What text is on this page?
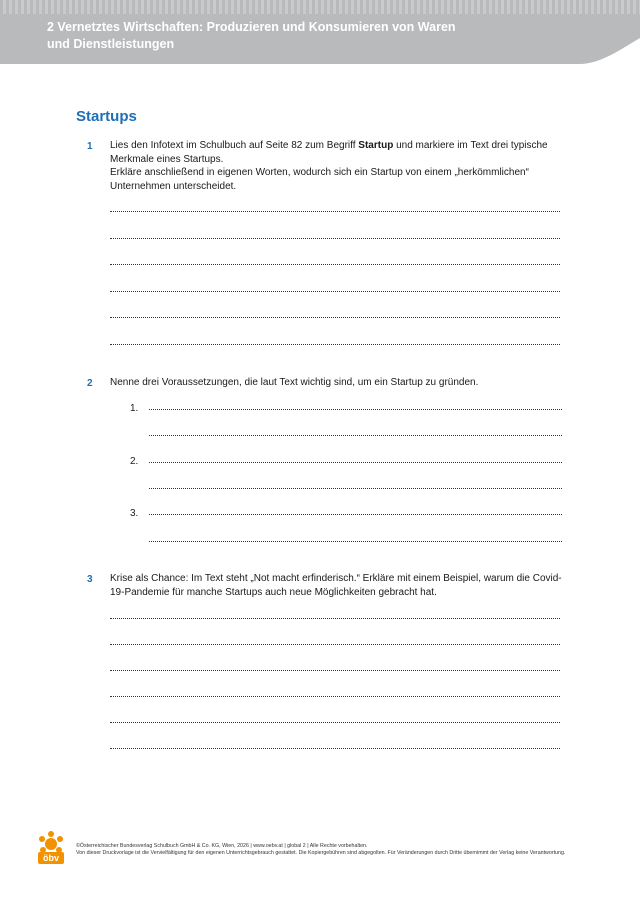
2 Vernetztes Wirtschaften: Produzieren und Konsumieren von Waren und Dienstleistungen
Startups
1 Lies den Infotext im Schulbuch auf Seite 82 zum Begriff Startup und markiere im Text drei typische Merkmale eines Startups.
Erkläre anschließend in eigenen Worten, wodurch sich ein Startup von einem „herkömmlichen“ Unternehmen unterscheidet.
2 Nenne drei Voraussetzungen, die laut Text wichtig sind, um ein Startup zu gründen.
1.
2.
3.
3 Krise als Chance: Im Text steht „Not macht erfinderisch.“ Erkläre mit einem Beispiel, warum die Covid-19-Pandemie für manche Startups auch neue Möglichkeiten gebracht hat.
öbv
©Österreichischer Bundesverlag Schulbuch GmbH & Co. KG, Wien, 2026 | www.oebv.at | global 2 | Alle Rechte vorbehalten.
Von dieser Druckvorlage ist die Vervielfältigung für den eigenen Unterrichtsgebrauch gestattet. Die Kopiergebühren sind abgegolten. Für Veränderungen durch Dritte übernimmt der Verlag keine Verantwortung.
